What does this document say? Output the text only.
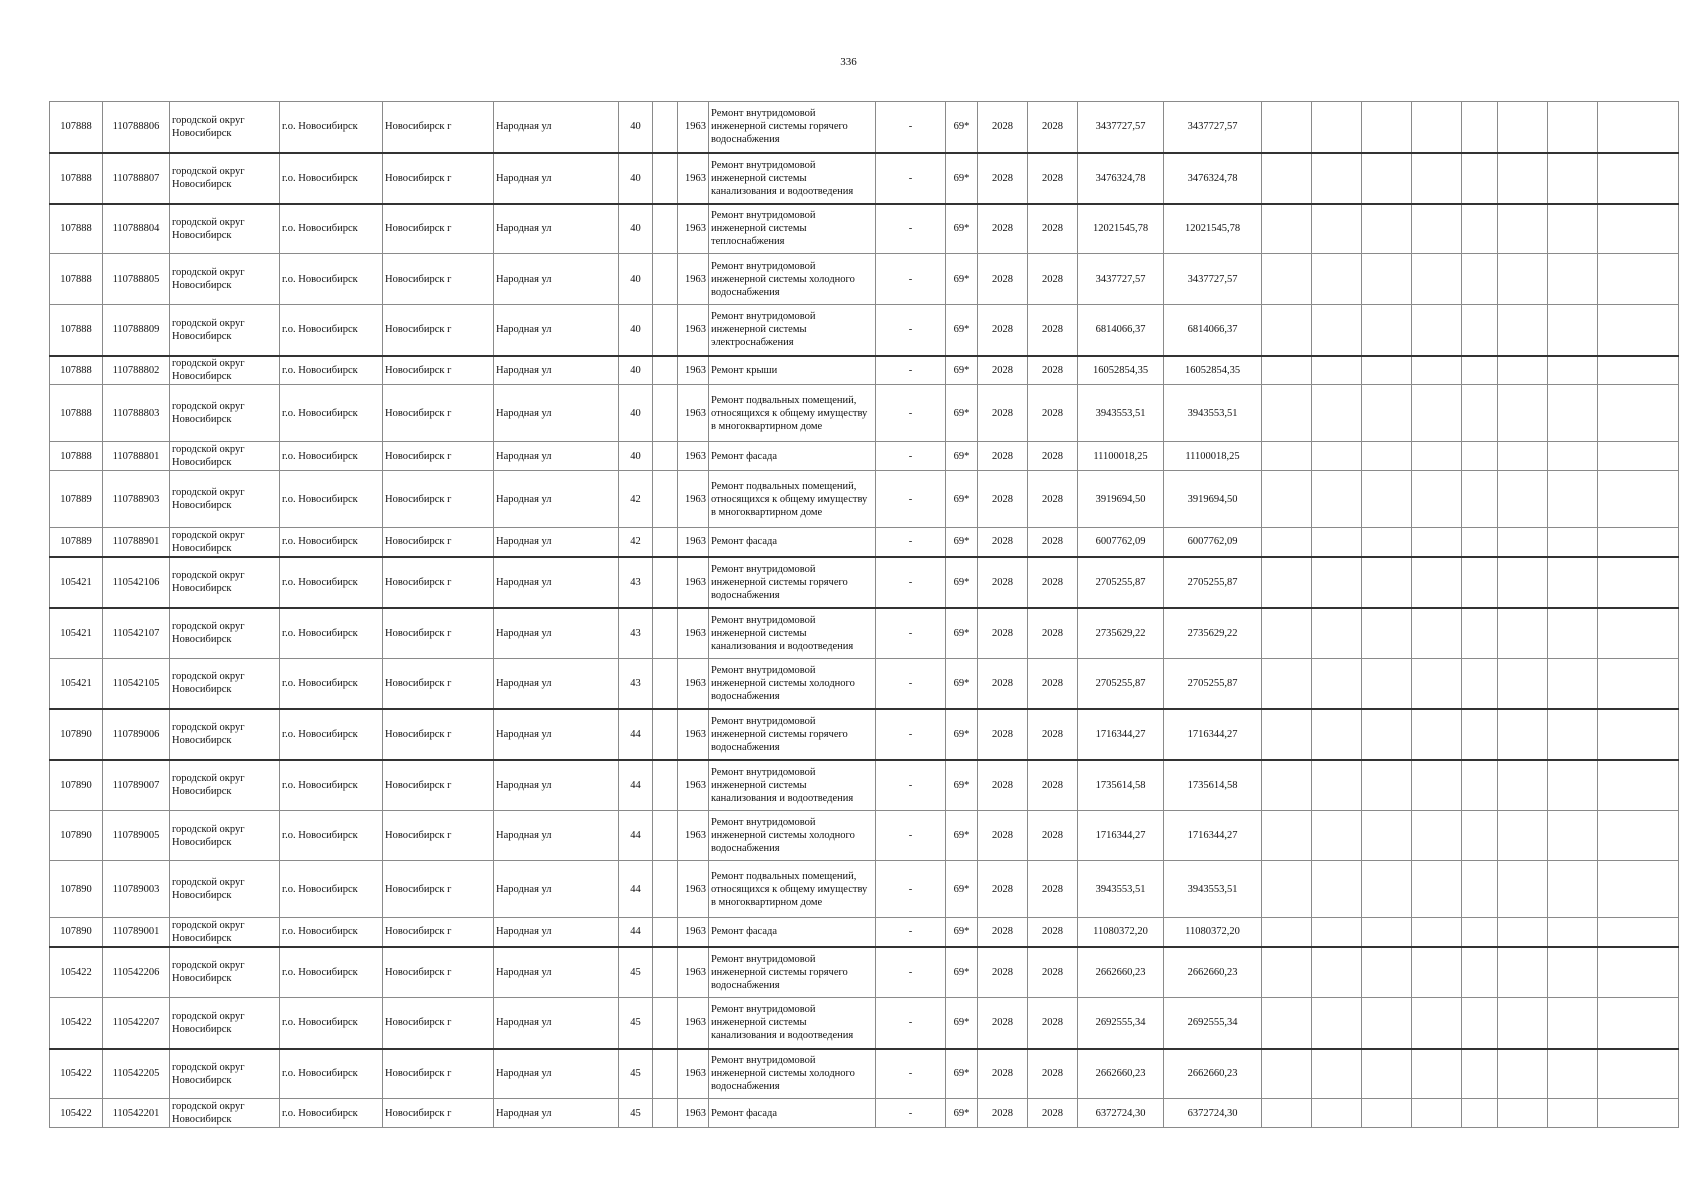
336
107888	110788806	городской округ Новосибирск	г.о. Новосибирск	Новосибирск г	Народная ул	40		1963	Ремонт внутридомовой инженерной системы горячего водоснабжения	-	69*	2028	2028	3437727,57	3437727,57								
107888	110788807	городской округ Новосибирск	г.о. Новосибирск	Новосибирск г	Народная ул	40		1963	Ремонт внутридомовой инженерной системы канализования и водоотведения	-	69*	2028	2028	3476324,78	3476324,78								
107888	110788804	городской округ Новосибирск	г.о. Новосибирск	Новосибирск г	Народная ул	40		1963	Ремонт внутридомовой инженерной системы теплоснабжения	-	69*	2028	2028	12021545,78	12021545,78								
107888	110788805	городской округ Новосибирск	г.о. Новосибирск	Новосибирск г	Народная ул	40		1963	Ремонт внутридомовой инженерной системы холодного водоснабжения	-	69*	2028	2028	3437727,57	3437727,57								
107888	110788809	городской округ Новосибирск	г.о. Новосибирск	Новосибирск г	Народная ул	40		1963	Ремонт внутридомовой инженерной системы электроснабжения	-	69*	2028	2028	6814066,37	6814066,37								
107888	110788802	городской округ Новосибирск	г.о. Новосибирск	Новосибирск г	Народная ул	40		1963	Ремонт крыши	-	69*	2028	2028	16052854,35	16052854,35								
107888	110788803	городской округ Новосибирск	г.о. Новосибирск	Новосибирск г	Народная ул	40		1963	Ремонт подвальных помещений, относящихся к общему имуществу в многоквартирном доме	-	69*	2028	2028	3943553,51	3943553,51								
107888	110788801	городской округ Новосибирск	г.о. Новосибирск	Новосибирск г	Народная ул	40		1963	Ремонт фасада	-	69*	2028	2028	11100018,25	11100018,25								
107889	110788903	городской округ Новосибирск	г.о. Новосибирск	Новосибирск г	Народная ул	42		1963	Ремонт подвальных помещений, относящихся к общему имуществу в многоквартирном доме	-	69*	2028	2028	3919694,50	3919694,50								
107889	110788901	городской округ Новосибирск	г.о. Новосибирск	Новосибирск г	Народная ул	42		1963	Ремонт фасада	-	69*	2028	2028	6007762,09	6007762,09								
105421	110542106	городской округ Новосибирск	г.о. Новосибирск	Новосибирск г	Народная ул	43		1963	Ремонт внутридомовой инженерной системы горячего водоснабжения	-	69*	2028	2028	2705255,87	2705255,87								
105421	110542107	городской округ Новосибирск	г.о. Новосибирск	Новосибирск г	Народная ул	43		1963	Ремонт внутридомовой инженерной системы канализования и водоотведения	-	69*	2028	2028	2735629,22	2735629,22								
105421	110542105	городской округ Новосибирск	г.о. Новосибирск	Новосибирск г	Народная ул	43		1963	Ремонт внутридомовой инженерной системы холодного водоснабжения	-	69*	2028	2028	2705255,87	2705255,87								
107890	110789006	городской округ Новосибирск	г.о. Новосибирск	Новосибирск г	Народная ул	44		1963	Ремонт внутридомовой инженерной системы горячего водоснабжения	-	69*	2028	2028	1716344,27	1716344,27								
107890	110789007	городской округ Новосибирск	г.о. Новосибирск	Новосибирск г	Народная ул	44		1963	Ремонт внутридомовой инженерной системы канализования и водоотведения	-	69*	2028	2028	1735614,58	1735614,58								
107890	110789005	городской округ Новосибирск	г.о. Новосибирск	Новосибирск г	Народная ул	44		1963	Ремонт внутридомовой инженерной системы холодного водоснабжения	-	69*	2028	2028	1716344,27	1716344,27								
107890	110789003	городской округ Новосибирск	г.о. Новосибирск	Новосибирск г	Народная ул	44		1963	Ремонт подвальных помещений, относящихся к общему имуществу в многоквартирном доме	-	69*	2028	2028	3943553,51	3943553,51								
107890	110789001	городской округ Новосибирск	г.о. Новосибирск	Новосибирск г	Народная ул	44		1963	Ремонт фасада	-	69*	2028	2028	11080372,20	11080372,20								
105422	110542206	городской округ Новосибирск	г.о. Новосибирск	Новосибирск г	Народная ул	45		1963	Ремонт внутридомовой инженерной системы горячего водоснабжения	-	69*	2028	2028	2662660,23	2662660,23								
105422	110542207	городской округ Новосибирск	г.о. Новосибирск	Новосибирск г	Народная ул	45		1963	Ремонт внутридомовой инженерной системы канализования и водоотведения	-	69*	2028	2028	2692555,34	2692555,34								
105422	110542205	городской округ Новосибирск	г.о. Новосибирск	Новосибирск г	Народная ул	45		1963	Ремонт внутридомовой инженерной системы холодного водоснабжения	-	69*	2028	2028	2662660,23	2662660,23								
105422	110542201	городской округ Новосибирск	г.о. Новосибирск	Новосибирск г	Народная ул	45		1963	Ремонт фасада	-	69*	2028	2028	6372724,30	6372724,30								
